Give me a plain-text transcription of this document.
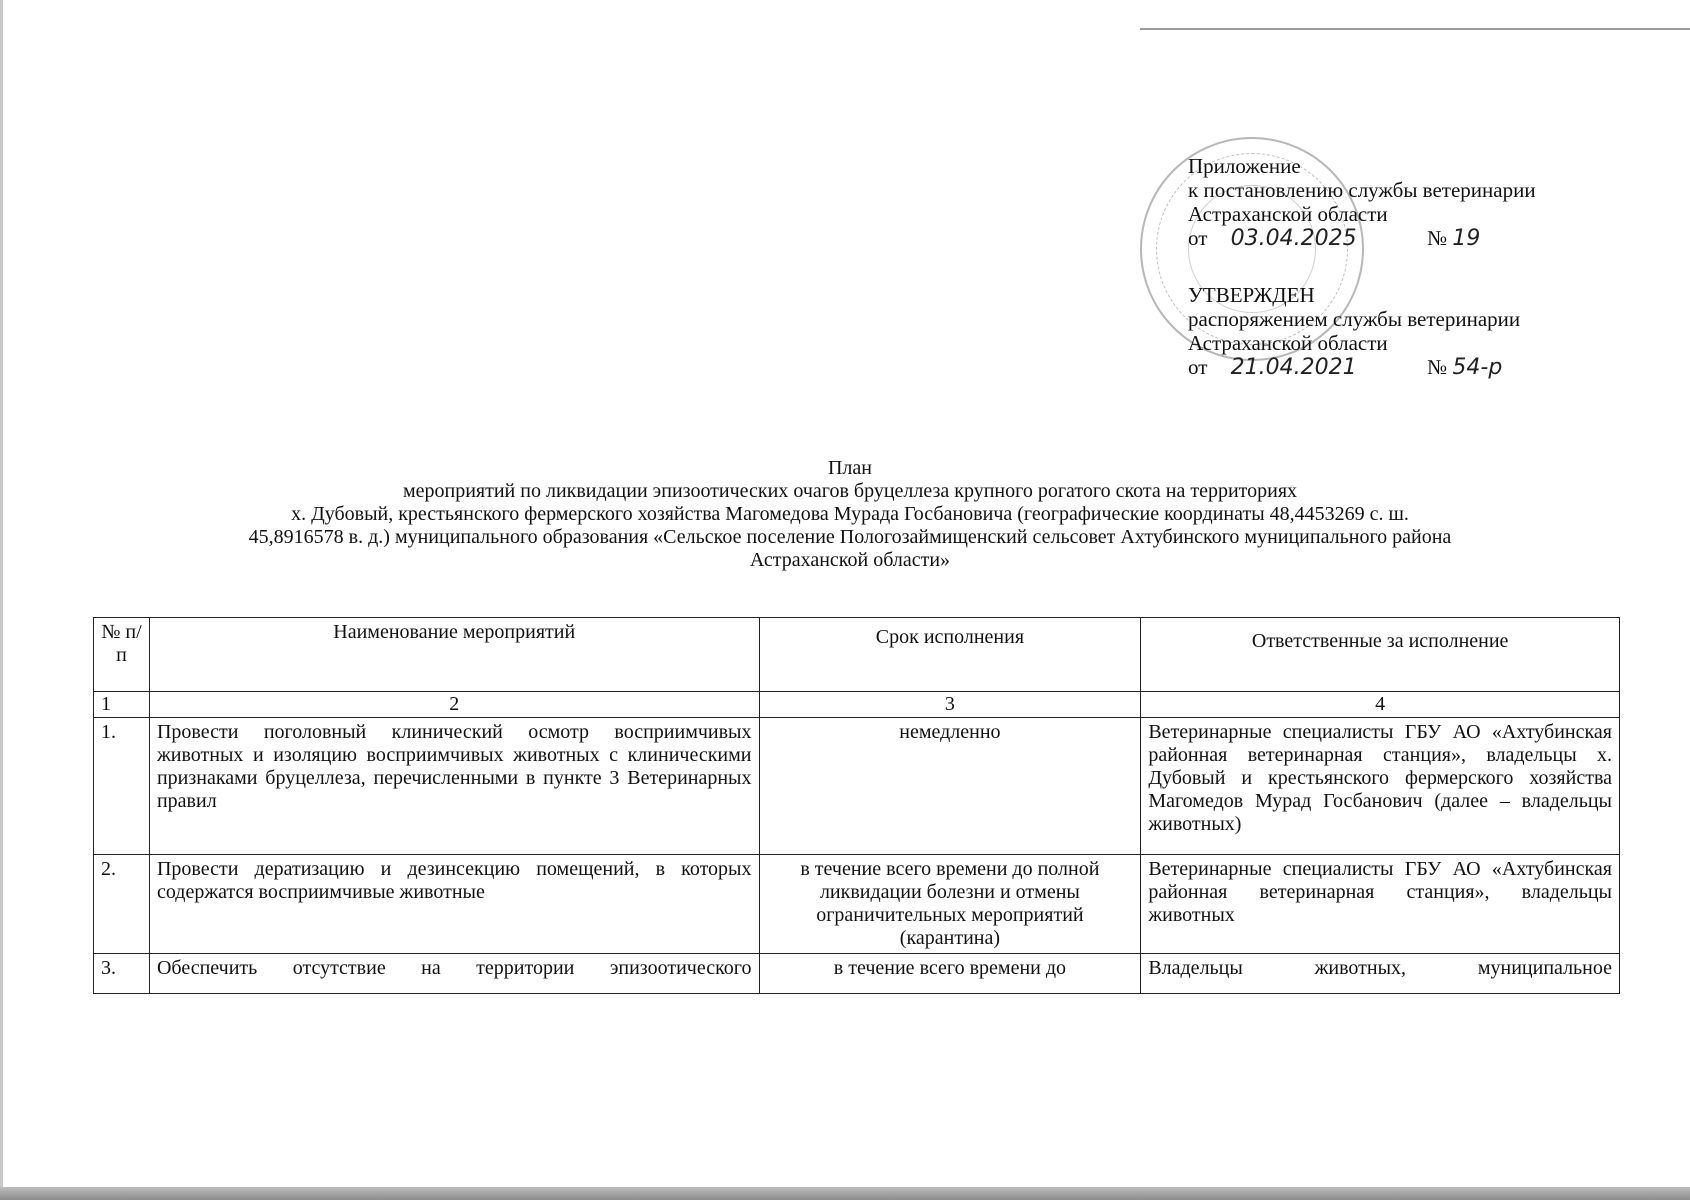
Приложение
к постановлению службы ветеринарии
Астраханской области
от 03.04.2025	№ 19
УТВЕРЖДЕН
распоряжением службы ветеринарии
Астраханской области
от 21.04.2021	№ 54-р
План
мероприятий по ликвидации эпизоотических очагов бруцеллеза крупного рогатого скота на территориях
х. Дубовый, крестьянского фермерского хозяйства Магомедова Мурада Госбановича (географические координаты 48,4453269 с. ш.
45,8916578 в. д.) муниципального образования «Сельское поселение Пологозаймищенский сельсовет Ахтубинского муниципального района
Астраханской области»
№ п/п	Наименование мероприятий	Срок исполнения	Ответственные за исполнение
1	2	3	4
1.	Провести поголовный клинический осмотр восприимчивых животных и изоляцию восприимчивых животных с клиническими признаками бруцеллеза, перечисленными в пункте 3 Ветеринарных правил	немедленно	Ветеринарные специалисты ГБУ АО «Ахтубинская районная ветеринарная станция», владельцы х. Дубовый и крестьянского фермерского хозяйства Магомедов Мурад Госбанович (далее – владельцы животных)
2.	Провести дератизацию и дезинсекцию помещений, в которых содержатся восприимчивые животные	в течение всего времени до полной ликвидации болезни и отмены ограничительных мероприятий (карантина)	Ветеринарные специалисты ГБУ АО «Ахтубинская районная ветеринарная станция», владельцы животных
3.	Обеспечить отсутствие на территории эпизоотического	в течение всего времени до	Владельцы животных, муниципальное
